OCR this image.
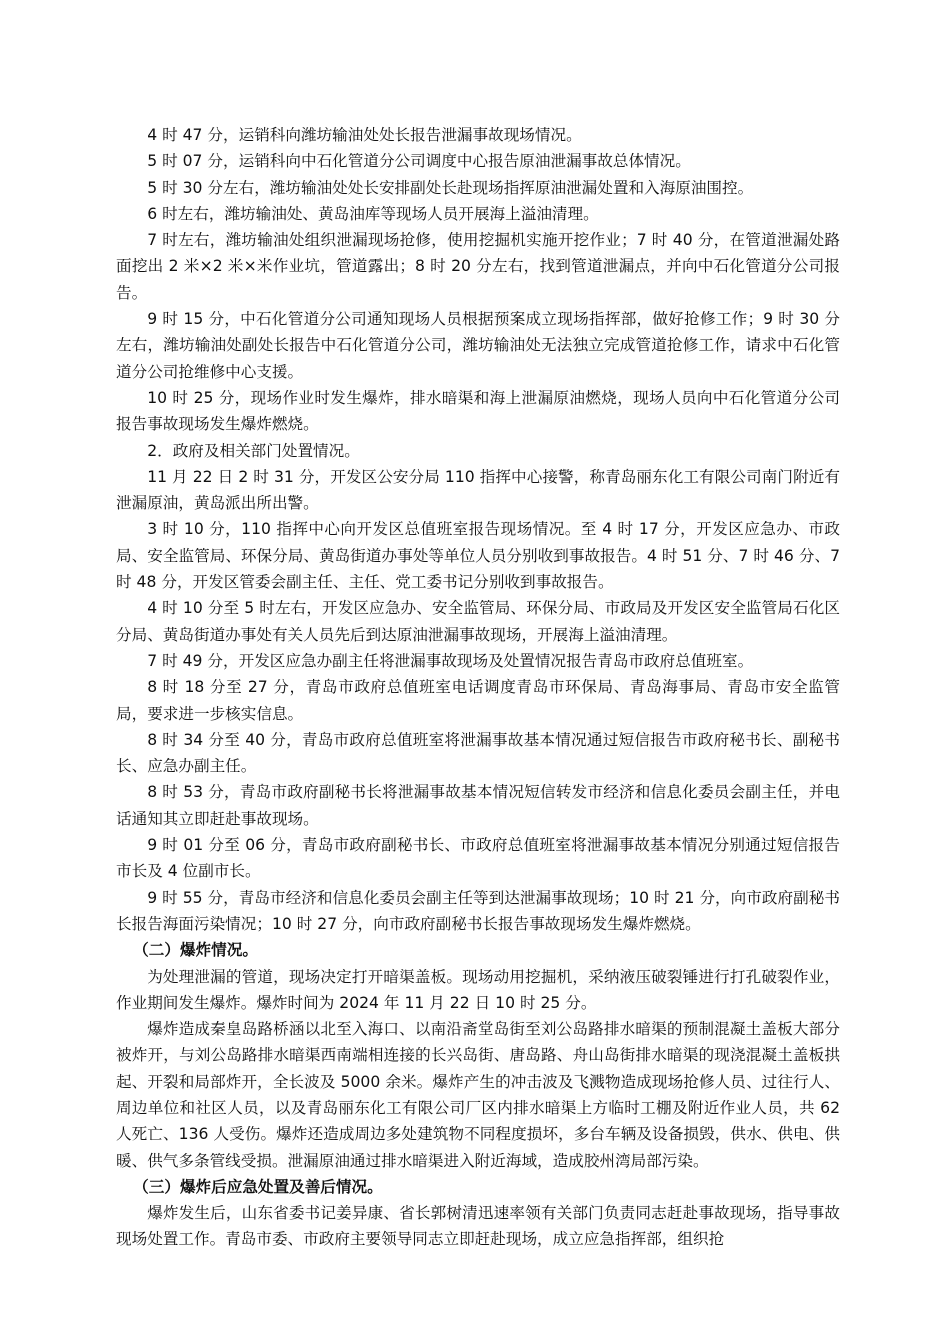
4 时 47 分，运销科向潍坊输油处处长报告泄漏事故现场情况。

5 时 07 分，运销科向中石化管道分公司调度中心报告原油泄漏事故总体情况。

5 时 30 分左右，潍坊输油处处长安排副处长赴现场指挥原油泄漏处置和入海原油围控。

6 时左右，潍坊输油处、黄岛油库等现场人员开展海上溢油清理。

7 时左右，潍坊输油处组织泄漏现场抢修，使用挖掘机实施开挖作业；7 时 40 分，在管道泄漏处路面挖出 2 米×2 米×米作业坑，管道露出；8 时 20 分左右，找到管道泄漏点，并向中石化管道分公司报告。

9 时 15 分，中石化管道分公司通知现场人员根据预案成立现场指挥部，做好抢修工作；9 时 30 分左右，潍坊输油处副处长报告中石化管道分公司，潍坊输油处无法独立完成管道抢修工作，请求中石化管道分公司抢维修中心支援。

10 时 25 分，现场作业时发生爆炸，排水暗渠和海上泄漏原油燃烧，现场人员向中石化管道分公司报告事故现场发生爆炸燃烧。

2．政府及相关部门处置情况。

11 月 22 日 2 时 31 分，开发区公安分局 110 指挥中心接警，称青岛丽东化工有限公司南门附近有泄漏原油，黄岛派出所出警。

3 时 10 分，110 指挥中心向开发区总值班室报告现场情况。至 4 时 17 分，开发区应急办、市政局、安全监管局、环保分局、黄岛街道办事处等单位人员分别收到事故报告。4 时 51 分、7 时 46 分、7 时 48 分，开发区管委会副主任、主任、党工委书记分别收到事故报告。

4 时 10 分至 5 时左右，开发区应急办、安全监管局、环保分局、市政局及开发区安全监管局石化区分局、黄岛街道办事处有关人员先后到达原油泄漏事故现场，开展海上溢油清理。

7 时 49 分，开发区应急办副主任将泄漏事故现场及处置情况报告青岛市政府总值班室。

8 时 18 分至 27 分，青岛市政府总值班室电话调度青岛市环保局、青岛海事局、青岛市安全监管局，要求进一步核实信息。

8 时 34 分至 40 分，青岛市政府总值班室将泄漏事故基本情况通过短信报告市政府秘书长、副秘书长、应急办副主任。

8 时 53 分，青岛市政府副秘书长将泄漏事故基本情况短信转发市经济和信息化委员会副主任，并电话通知其立即赶赴事故现场。

9 时 01 分至 06 分，青岛市政府副秘书长、市政府总值班室将泄漏事故基本情况分别通过短信报告市长及 4 位副市长。

9 时 55 分，青岛市经济和信息化委员会副主任等到达泄漏事故现场；10 时 21 分，向市政府副秘书长报告海面污染情况；10 时 27 分，向市政府副秘书长报告事故现场发生爆炸燃烧。

（二）爆炸情况。

为处理泄漏的管道，现场决定打开暗渠盖板。现场动用挖掘机，采纳液压破裂锤进行打孔破裂作业，作业期间发生爆炸。爆炸时间为 2024 年 11 月 22 日 10 时 25 分。

爆炸造成秦皇岛路桥涵以北至入海口、以南沿斋堂岛街至刘公岛路排水暗渠的预制混凝土盖板大部分被炸开，与刘公岛路排水暗渠西南端相连接的长兴岛街、唐岛路、舟山岛街排水暗渠的现浇混凝土盖板拱起、开裂和局部炸开，全长波及 5000 余米。爆炸产生的冲击波及飞溅物造成现场抢修人员、过往行人、周边单位和社区人员，以及青岛丽东化工有限公司厂区内排水暗渠上方临时工棚及附近作业人员，共 62 人死亡、136 人受伤。爆炸还造成周边多处建筑物不同程度损坏，多台车辆及设备损毁，供水、供电、供暖、供气多条管线受损。泄漏原油通过排水暗渠进入附近海域，造成胶州湾局部污染。

（三）爆炸后应急处置及善后情况。

爆炸发生后，山东省委书记姜异康、省长郭树清迅速率领有关部门负责同志赶赴事故现场，指导事故现场处置工作。青岛市委、市政府主要领导同志立即赶赴现场，成立应急指挥部，组织抢
